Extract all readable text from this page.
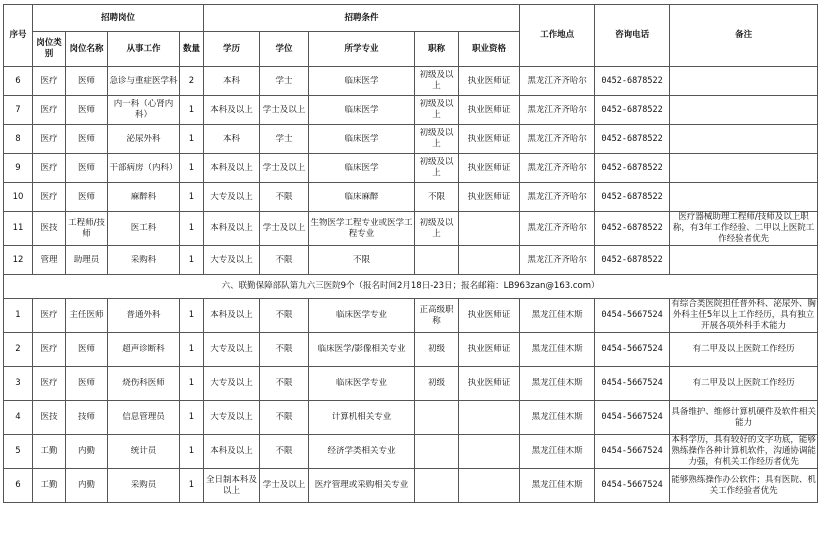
序号	招聘岗位				招聘条件					工作地点	咨询电话	备注
	岗位类别	岗位名称	从事工作	数量	学历	学位	所学专业	职称	职业资格			

6	医疗	医师	急诊与重症医学科	2	本科	学士	临床医学	初级及以上	执业医师证	黑龙江齐齐哈尔	0452-6878522	

7	医疗	医师	内一科（心肾内科）	1	本科及以上	学士及以上	临床医学	初级及以上	执业医师证	黑龙江齐齐哈尔	0452-6878522	

8	医疗	医师	泌尿外科	1	本科	学士	临床医学	初级及以上	执业医师证	黑龙江齐齐哈尔	0452-6878522	

9	医疗	医师	干部病房（内科）	1	本科及以上	学士及以上	临床医学	初级及以上	执业医师证	黑龙江齐齐哈尔	0452-6878522	

10	医疗	医师	麻醉科	1	大专及以上	不限	临床麻醉	不限	执业医师证	黑龙江齐齐哈尔	0452-6878522	

11	医技	工程师/技师	医工科	1	本科及以上	学士及以上	生物医学工程专业或医学工程专业	初级及以上		黑龙江齐齐哈尔	0452-6878522	医疗器械助理工程师/技师及以上职称，有3年工作经验、二甲以上医院工作经验者优先

12	管理	助理员	采购科	1	大专及以上	不限	不限			黑龙江齐齐哈尔	0452-6878522	

六、联勤保障部队第九六三医院9个（报名时间2月18日-23日；报名邮箱：LB963zan@163.com）												

1	医疗	主任医师	普通外科	1	本科及以上	不限	临床医学专业	正高级职称	执业医师证	黑龙江佳木斯	0454-5667524	有综合类医院担任普外科、泌尿外、胸外科主任5年以上工作经历，具有独立开展各项外科手术能力

2	医疗	医师	超声诊断科	1	大专及以上	不限	临床医学/影像相关专业	初级	执业医师证	黑龙江佳木斯	0454-5667524	有二甲及以上医院工作经历

3	医疗	医师	烧伤科医师	1	大专及以上	不限	临床医学专业	初级	执业医师证	黑龙江佳木斯	0454-5667524	有二甲及以上医院工作经历

4	医技	技师	信息管理员	1	大专及以上	不限	计算机相关专业			黑龙江佳木斯	0454-5667524	具备维护、维修计算机硬件及软件相关能力

5	工勤	内勤	统计员	1	本科及以上	不限	经济学类相关专业			黑龙江佳木斯	0454-5667524	本科学历，具有较好的文字功底，能够熟练操作各种计算机软件，沟通协调能力强，有机关工作经历者优先

6	工勤	内勤	采购员	1	全日制本科及以上	学士及以上	医疗管理或采购相关专业			黑龙江佳木斯	0454-5667524	能够熟练操作办公软件；具有医院、机关工作经验者优先
